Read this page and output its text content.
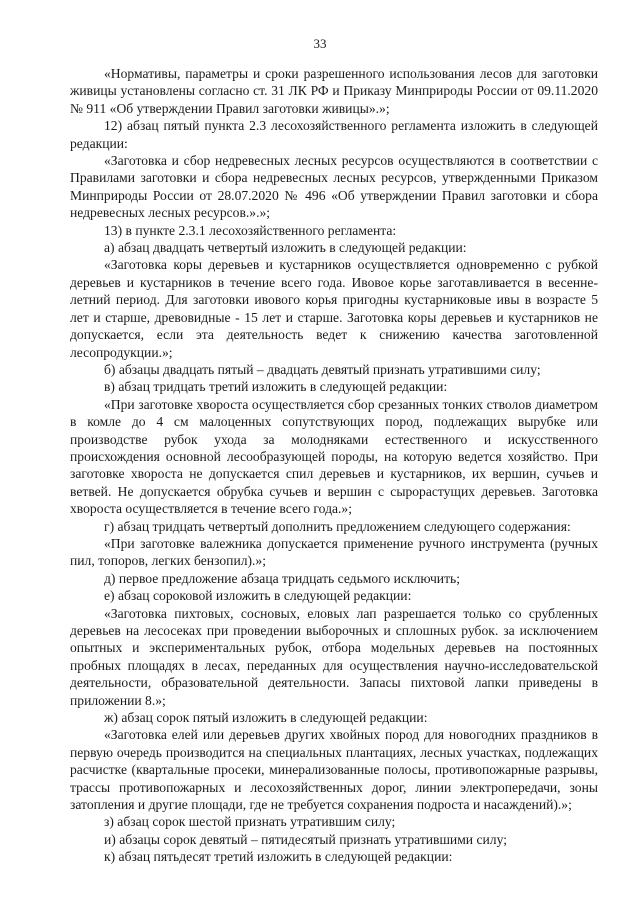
33

«Нормативы, параметры и сроки разрешенного использования лесов для заготовки живицы установлены согласно ст. 31 ЛК РФ и Приказу Минприроды России от 09.11.2020 № 911 «Об утверждении Правил заготовки живицы».»;

12) абзац пятый пункта 2.3 лесохозяйственного регламента изложить в следующей редакции:

«Заготовка и сбор недревесных лесных ресурсов осуществляются в соответствии с Правилами заготовки и сбора недревесных лесных ресурсов, утвержденными Приказом Минприроды России от 28.07.2020 № 496 «Об утверждении Правил заготовки и сбора недревесных лесных ресурсов.».»;

13) в пункте 2.3.1 лесохозяйственного регламента:

а) абзац двадцать четвертый изложить в следующей редакции:

«Заготовка коры деревьев и кустарников осуществляется одновременно с рубкой деревьев и кустарников в течение всего года. Ивовое корье заготавливается в весенне-летний период. Для заготовки ивового корья пригодны кустарниковые ивы в возрасте 5 лет и старше, древовидные - 15 лет и старше. Заготовка коры деревьев и кустарников не допускается, если эта деятельность ведет к снижению качества заготовленной лесопродукции.»;

б) абзацы двадцать пятый – двадцать девятый признать утратившими силу;

в) абзац тридцать третий изложить в следующей редакции:

«При заготовке хвороста осуществляется сбор срезанных тонких стволов диаметром в комле до 4 см малоценных сопутствующих пород, подлежащих вырубке или производстве рубок ухода за молодняками естественного и искусственного происхождения основной лесообразующей породы, на которую ведется хозяйство. При заготовке хвороста не допускается спил деревьев и кустарников, их вершин, сучьев и ветвей. Не допускается обрубка сучьев и вершин с сырорастущих деревьев. Заготовка хвороста осуществляется в течение всего года.»;

г) абзац тридцать четвертый дополнить предложением следующего содержания:

«При заготовке валежника допускается применение ручного инструмента (ручных пил, топоров, легких бензопил).»;

д) первое предложение абзаца тридцать седьмого исключить;

е) абзац сороковой изложить в следующей редакции:

«Заготовка пихтовых, сосновых, еловых лап разрешается только со срубленных деревьев на лесосеках при проведении выборочных и сплошных рубок. за исключением опытных и экспериментальных рубок, отбора модельных деревьев на постоянных пробных площадях в лесах, переданных для осуществления научно-исследовательской деятельности, образовательной деятельности. Запасы пихтовой лапки приведены в приложении 8.»;

ж) абзац сорок пятый изложить в следующей редакции:

«Заготовка елей или деревьев других хвойных пород для новогодних праздников в первую очередь производится на специальных плантациях, лесных участках, подлежащих расчистке (квартальные просеки, минерализованные полосы, противопожарные разрывы, трассы противопожарных и лесохозяйственных дорог, линии электропередачи, зоны затопления и другие площади, где не требуется сохранения подроста и насаждений).»;

з) абзац сорок шестой признать утратившим силу;

и) абзацы сорок девятый – пятидесятый признать утратившими силу;

к) абзац пятьдесят третий изложить в следующей редакции:
